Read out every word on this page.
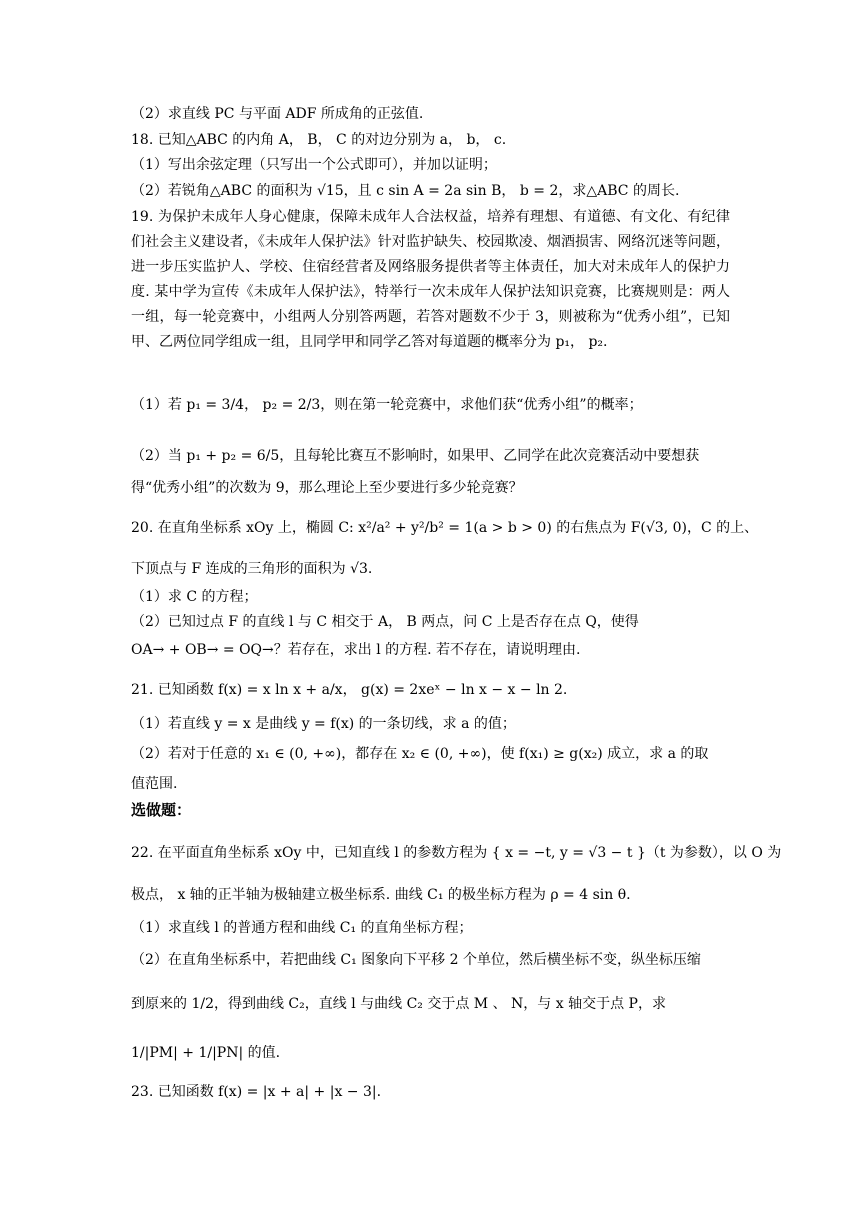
（2）求直线 PC 与平面 ADF 所成角的正弦值.
18. 已知△ABC 的内角 A， B， C 的对边分别为 a， b， c.
（1）写出余弦定理（只写出一个公式即可），并加以证明；
（2）若锐角△ABC 的面积为 √15，且 c sin A = 2a sin B， b = 2，求△ABC 的周长.
19. 为保护未成年人身心健康，保障未成年人合法权益，培养有理想、有道德、有文化、有纪律们社会主义建设者，《未成年人保护法》针对监护缺失、校园欺凌、烟酒损害、网络沉迷等问题，进一步压实监护人、学校、住宿经营者及网络服务提供者等主体责任，加大对未成年人的保护力度. 某中学为宣传《未成年人保护法》，特举行一次未成年人保护法知识竞赛，比赛规则是：两人一组，每一轮竞赛中，小组两人分别答两题，若答对题数不少于 3，则被称为“优秀小组”，已知甲、乙两位同学组成一组，且同学甲和同学乙答对每道题的概率分为 p₁， p₂.
（1）若 p₁ = 3/4， p₂ = 2/3，则在第一轮竞赛中，求他们获“优秀小组”的概率；
（2）当 p₁ + p₂ = 6/5，且每轮比赛互不影响时，如果甲、乙同学在此次竞赛活动中要想获
得“优秀小组”的次数为 9，那么理论上至少要进行多少轮竞赛？
20. 在直角坐标系 xOy 上，椭圆 C: x²/a² + y²/b² = 1(a > b > 0) 的右焦点为 F(√3, 0)，C 的上、
下顶点与 F 连成的三角形的面积为 √3.
（1）求 C 的方程；
（2）已知过点 F 的直线 l 与 C 相交于 A， B 两点，问 C 上是否存在点 Q，使得
OA→ + OB→ = OQ→？若存在，求出 l 的方程. 若不存在，请说明理由.
21. 已知函数 f(x) = x ln x + a/x， g(x) = 2xeˣ − ln x − x − ln 2.
（1）若直线 y = x 是曲线 y = f(x) 的一条切线，求 a 的值；
（2）若对于任意的 x₁ ∈ (0, +∞)，都存在 x₂ ∈ (0, +∞)，使 f(x₁) ≥ g(x₂) 成立，求 a 的取
值范围.
选做题：
22. 在平面直角坐标系 xOy 中，已知直线 l 的参数方程为 { x = −t, y = √3 − t }（t 为参数），以 O 为
极点， x 轴的正半轴为极轴建立极坐标系. 曲线 C₁ 的极坐标方程为 ρ = 4 sin θ.
（1）求直线 l 的普通方程和曲线 C₁ 的直角坐标方程；
（2）在直角坐标系中，若把曲线 C₁ 图象向下平移 2 个单位，然后横坐标不变，纵坐标压缩
到原来的 1/2，得到曲线 C₂，直线 l 与曲线 C₂ 交于点 M 、 N，与 x 轴交于点 P，求
1/|PM| + 1/|PN| 的值.
23. 已知函数 f(x) = |x + a| + |x − 3|.
